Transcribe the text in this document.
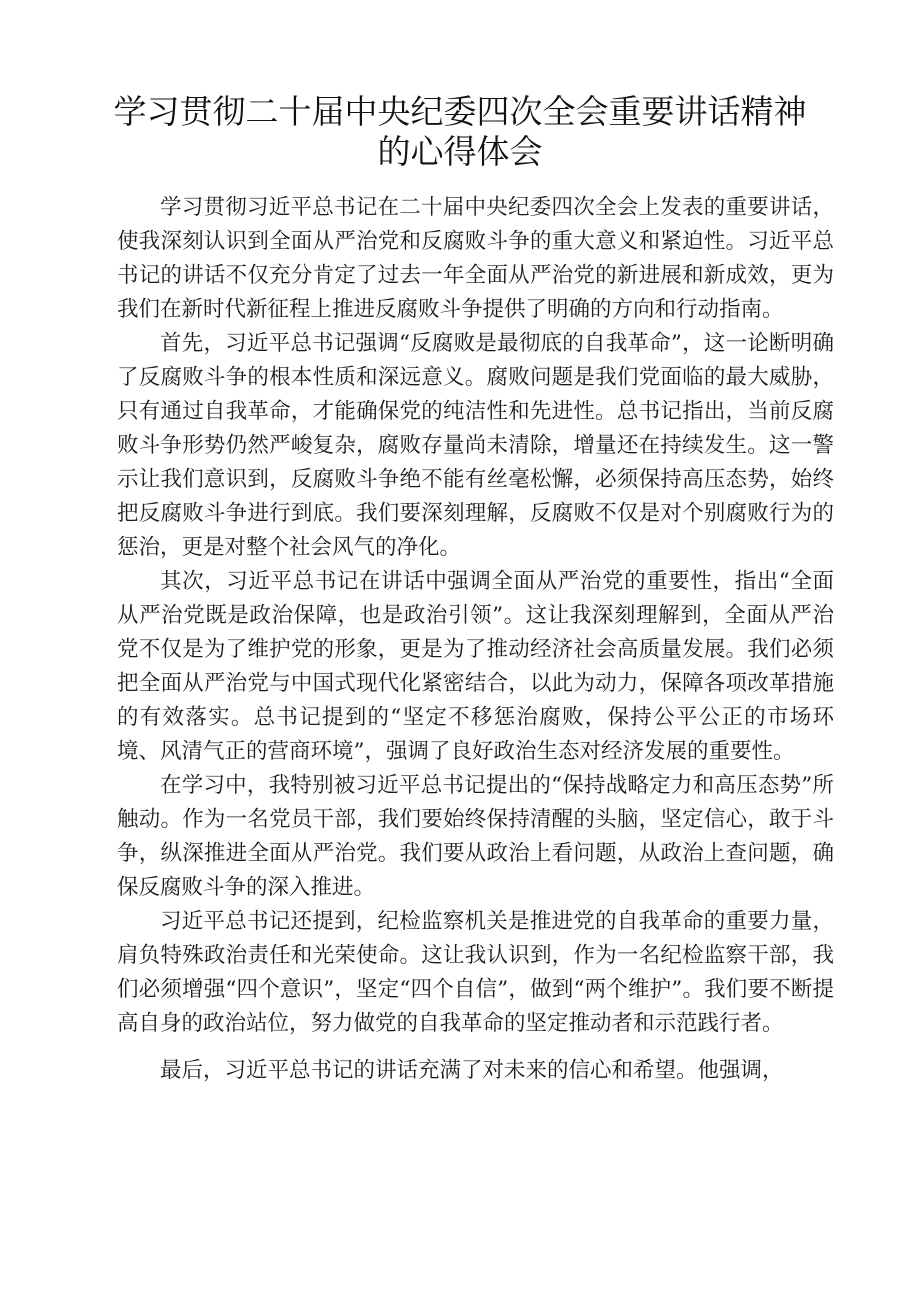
学习贯彻二十届中央纪委四次全会重要讲话精神
的心得体会

学习贯彻习近平总书记在二十届中央纪委四次全会上发表的重要讲话，使我深刻认识到全面从严治党和反腐败斗争的重大意义和紧迫性。习近平总书记的讲话不仅充分肯定了过去一年全面从严治党的新进展和新成效，更为我们在新时代新征程上推进反腐败斗争提供了明确的方向和行动指南。

首先，习近平总书记强调“反腐败是最彻底的自我革命”，这一论断明确了反腐败斗争的根本性质和深远意义。腐败问题是我们党面临的最大威胁，只有通过自我革命，才能确保党的纯洁性和先进性。总书记指出，当前反腐败斗争形势仍然严峻复杂，腐败存量尚未清除，增量还在持续发生。这一警示让我们意识到，反腐败斗争绝不能有丝毫松懈，必须保持高压态势，始终把反腐败斗争进行到底。我们要深刻理解，反腐败不仅是对个别腐败行为的惩治，更是对整个社会风气的净化。

其次，习近平总书记在讲话中强调全面从严治党的重要性，指出“全面从严治党既是政治保障，也是政治引领”。这让我深刻理解到，全面从严治党不仅是为了维护党的形象，更是为了推动经济社会高质量发展。我们必须把全面从严治党与中国式现代化紧密结合，以此为动力，保障各项改革措施的有效落实。总书记提到的“坚定不移惩治腐败，保持公平公正的市场环境、风清气正的营商环境”，强调了良好政治生态对经济发展的重要性。

在学习中，我特别被习近平总书记提出的“保持战略定力和高压态势”所触动。作为一名党员干部，我们要始终保持清醒的头脑，坚定信心，敢于斗争，纵深推进全面从严治党。我们要从政治上看问题，从政治上查问题，确保反腐败斗争的深入推进。

习近平总书记还提到，纪检监察机关是推进党的自我革命的重要力量，肩负特殊政治责任和光荣使命。这让我认识到，作为一名纪检监察干部，我们必须增强“四个意识”，坚定“四个自信”，做到“两个维护”。我们要不断提高自身的政治站位，努力做党的自我革命的坚定推动者和示范践行者。

最后，习近平总书记的讲话充满了对未来的信心和希望。他强调，
